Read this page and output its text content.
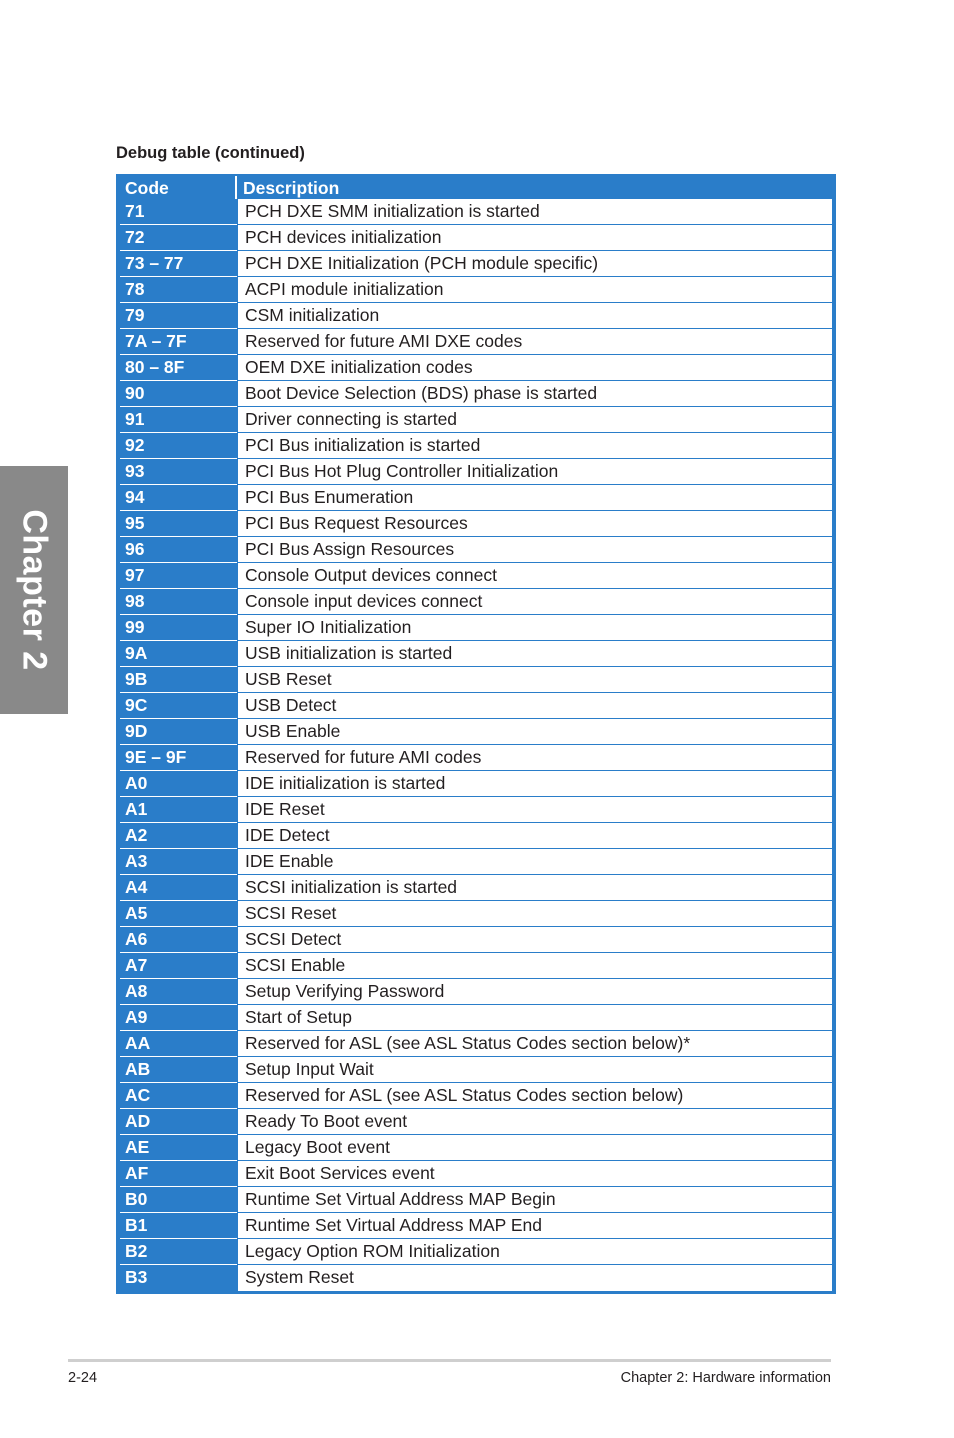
Chapter 2
Debug table (continued)
Code	Description
71	PCH DXE SMM initialization is started
72	PCH devices initialization
73 – 77	PCH DXE Initialization (PCH module specific)
78	ACPI module initialization
79	CSM initialization
7A – 7F	Reserved for future AMI DXE codes
80 – 8F	OEM DXE initialization codes
90	Boot Device Selection (BDS) phase is started
91	Driver connecting is started
92	PCI Bus initialization is started
93	PCI Bus Hot Plug Controller Initialization
94	PCI Bus Enumeration
95	PCI Bus Request Resources
96	PCI Bus Assign Resources
97	Console Output devices connect
98	Console input devices connect
99	Super IO Initialization
9A	USB initialization is started
9B	USB Reset
9C	USB Detect
9D	USB Enable
9E – 9F	Reserved for future AMI codes
A0	IDE initialization is started
A1	IDE Reset
A2	IDE Detect
A3	IDE Enable
A4	SCSI initialization is started
A5	SCSI Reset
A6	SCSI Detect
A7	SCSI Enable
A8	Setup Verifying Password
A9	Start of Setup
AA	Reserved for ASL (see ASL Status Codes section below)*
AB	Setup Input Wait
AC	Reserved for ASL (see ASL Status Codes section below)
AD	Ready To Boot event
AE	Legacy Boot event
AF	Exit Boot Services event
B0	Runtime Set Virtual Address MAP Begin
B1	Runtime Set Virtual Address MAP End
B2	Legacy Option ROM Initialization
B3	System Reset
2-24	Chapter 2: Hardware information
